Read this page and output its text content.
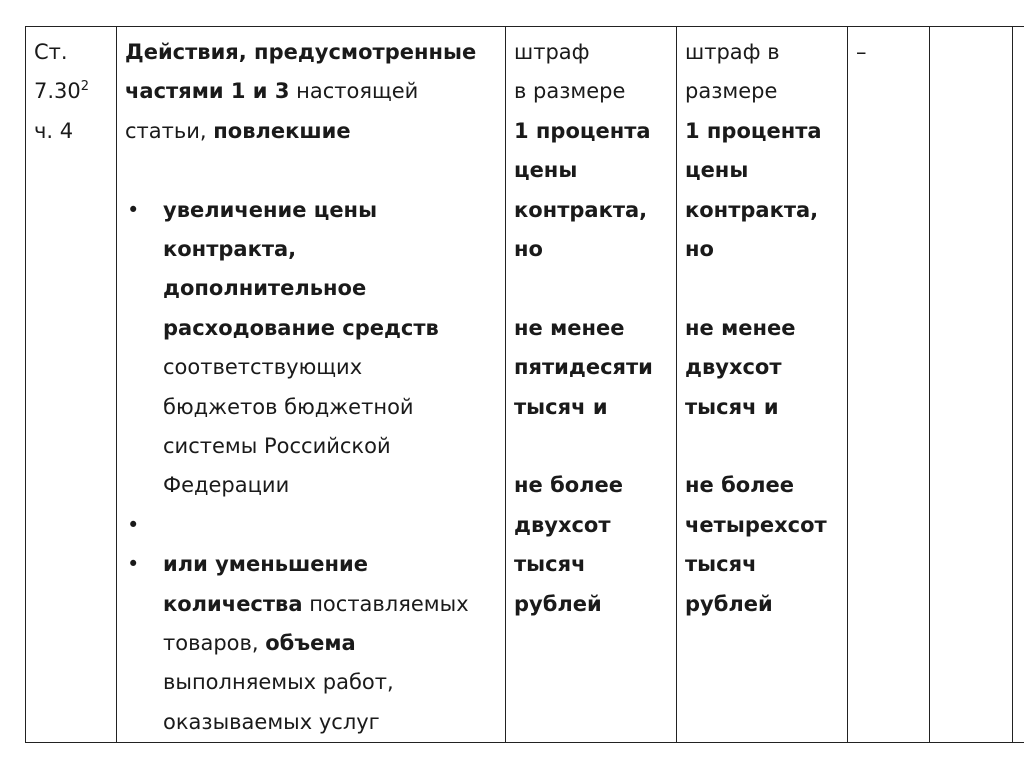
Ст.
7.30$^2$
ч. 4

Действия, предусмотренные
частями 1 и 3 настоящей
статьи, повлекшие
• увеличение цены
контракта,
дополнительное
расходование средств
соответствующих
бюджетов бюджетной
системы Российской
Федерации
•
• или уменьшение
количества поставляемых
товаров, объема
выполняемых работ,
оказываемых услуг

штраф
в размере
1 процента
цены
контракта,
но
не менее
пятидесяти
тысяч и
не более
двухсот
тысяч
рублей

штраф в
размере
1 процента
цены
контракта,
но
не менее
двухсот
тысяч и
не более
четырехсот
тысяч
рублей

–
